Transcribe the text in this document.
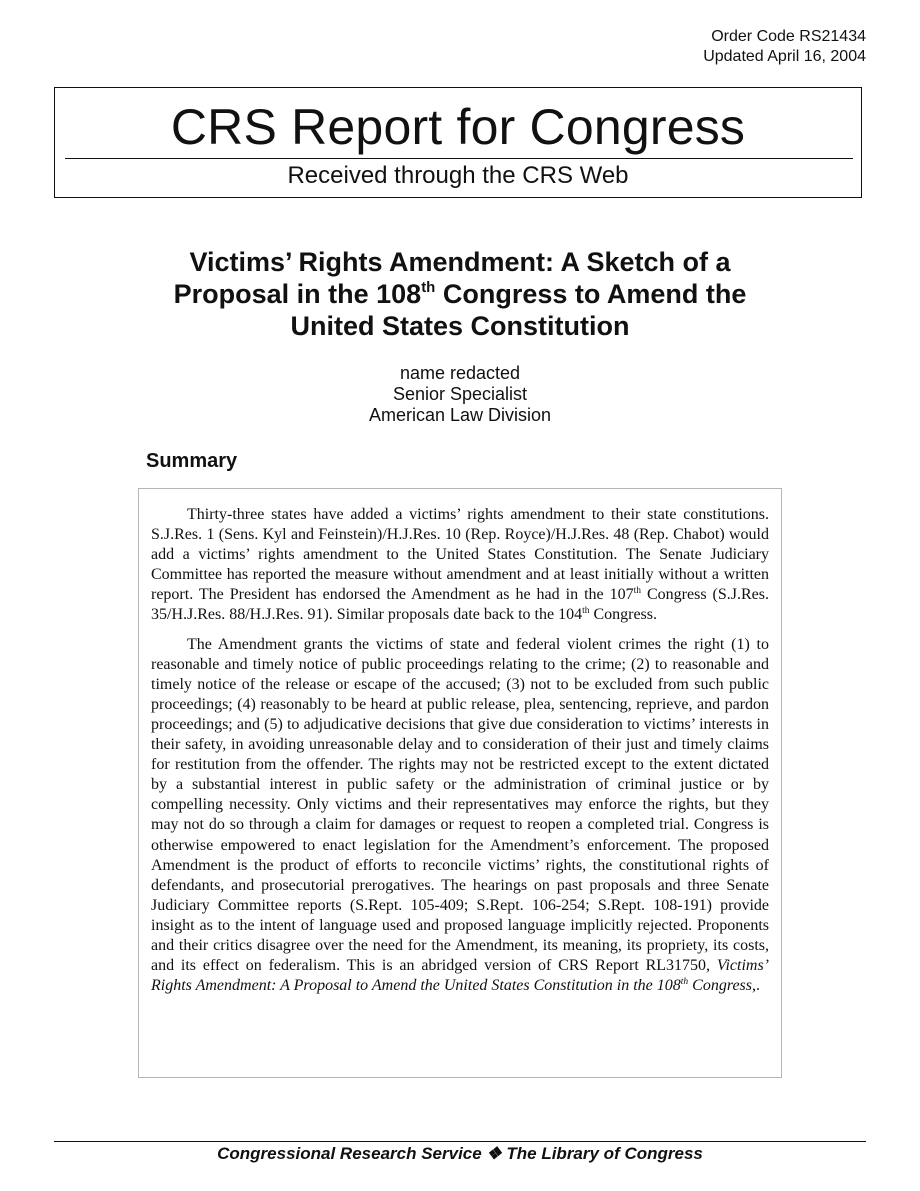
Order Code RS21434
Updated April 16, 2004
CRS Report for Congress
Received through the CRS Web
Victims’ Rights Amendment: A Sketch of a
Proposal in the 108th Congress to Amend the
United States Constitution
name redacted
Senior Specialist
American Law Division
Summary

Thirty-three states have added a victims’ rights amendment to their state constitutions. S.J.Res. 1 (Sens. Kyl and Feinstein)/H.J.Res. 10 (Rep. Royce)/H.J.Res. 48 (Rep. Chabot) would add a victims’ rights amendment to the United States Constitution. The Senate Judiciary Committee has reported the measure without amendment and at least initially without a written report. The President has endorsed the Amendment as he had in the 107th Congress (S.J.Res. 35/H.J.Res. 88/H.J.Res. 91). Similar proposals date back to the 104th Congress.

The Amendment grants the victims of state and federal violent crimes the right (1) to reasonable and timely notice of public proceedings relating to the crime; (2) to reasonable and timely notice of the release or escape of the accused; (3) not to be excluded from such public proceedings; (4) reasonably to be heard at public release, plea, sentencing, reprieve, and pardon proceedings; and (5) to adjudicative decisions that give due consideration to victims’ interests in their safety, in avoiding unreasonable delay and to consideration of their just and timely claims for restitution from the offender. The rights may not be restricted except to the extent dictated by a substantial interest in public safety or the administration of criminal justice or by compelling necessity. Only victims and their representatives may enforce the rights, but they may not do so through a claim for damages or request to reopen a completed trial. Congress is otherwise empowered to enact legislation for the Amendment’s enforcement. The proposed Amendment is the product of efforts to reconcile victims’ rights, the constitutional rights of defendants, and prosecutorial prerogatives. The hearings on past proposals and three Senate Judiciary Committee reports (S.Rept. 105-409; S.Rept. 106-254; S.Rept. 108-191) provide insight as to the intent of language used and proposed language implicitly rejected. Proponents and their critics disagree over the need for the Amendment, its meaning, its propriety, its costs, and its effect on federalism. This is an abridged version of CRS Report RL31750, Victims’ Rights Amendment: A Proposal to Amend the United States Constitution in the 108th Congress,.

Congressional Research Service ❖ The Library of Congress
